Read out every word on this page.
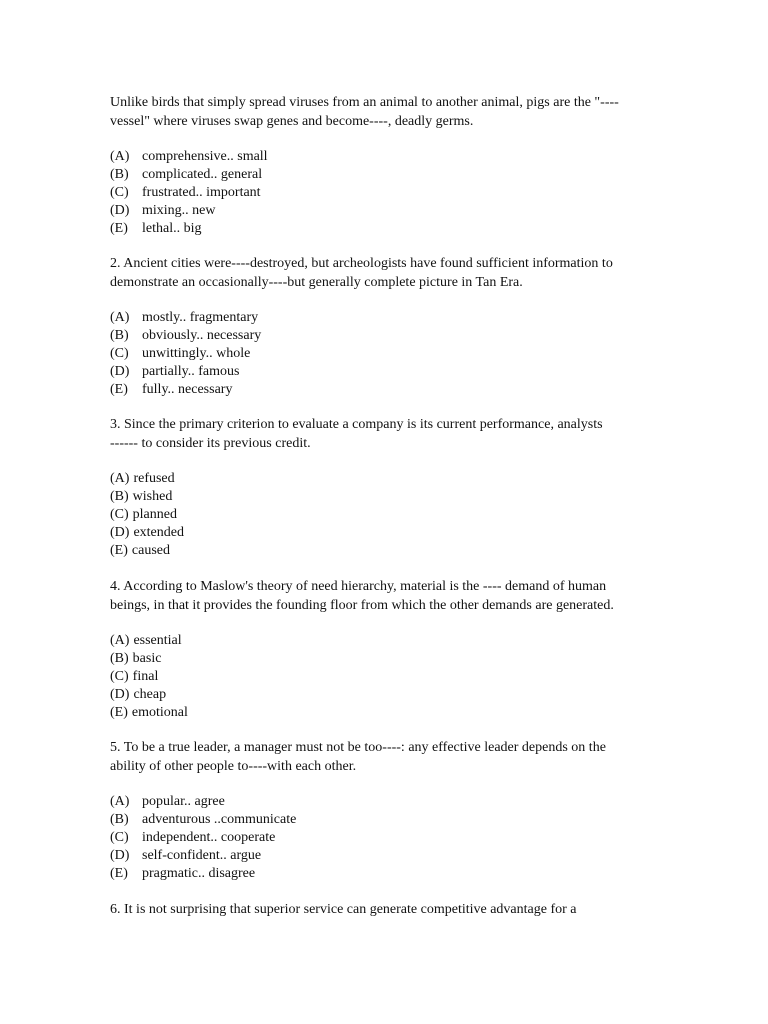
Unlike birds that simply spread viruses from an animal to another animal, pigs are the "----
vessel" where viruses swap genes and become----, deadly germs.
(A) comprehensive.. small
(B) complicated.. general
(C) frustrated.. important
(D) mixing.. new
(E) lethal.. big
2. Ancient cities were----destroyed, but archeologists have found sufficient information to
demonstrate an occasionally----but generally complete picture in Tan Era.
(A) mostly.. fragmentary
(B) obviously.. necessary
(C) unwittingly.. whole
(D) partially.. famous
(E) fully.. necessary
3. Since the primary criterion to evaluate a company is its current performance, analysts
------ to consider its previous credit.
(A) refused
(B) wished
(C) planned
(D) extended
(E) caused
4. According to Maslow's theory of need hierarchy, material is the ---- demand of human
beings, in that it provides the founding floor from which the other demands are generated.
(A) essential
(B) basic
(C) final
(D) cheap
(E) emotional
5. To be a true leader, a manager must not be too----: any effective leader depends on the
ability of other people to----with each other.
(A) popular.. agree
(B) adventurous ..communicate
(C) independent.. cooperate
(D) self-confident.. argue
(E) pragmatic.. disagree
6. It is not surprising that superior service can generate competitive advantage for a
